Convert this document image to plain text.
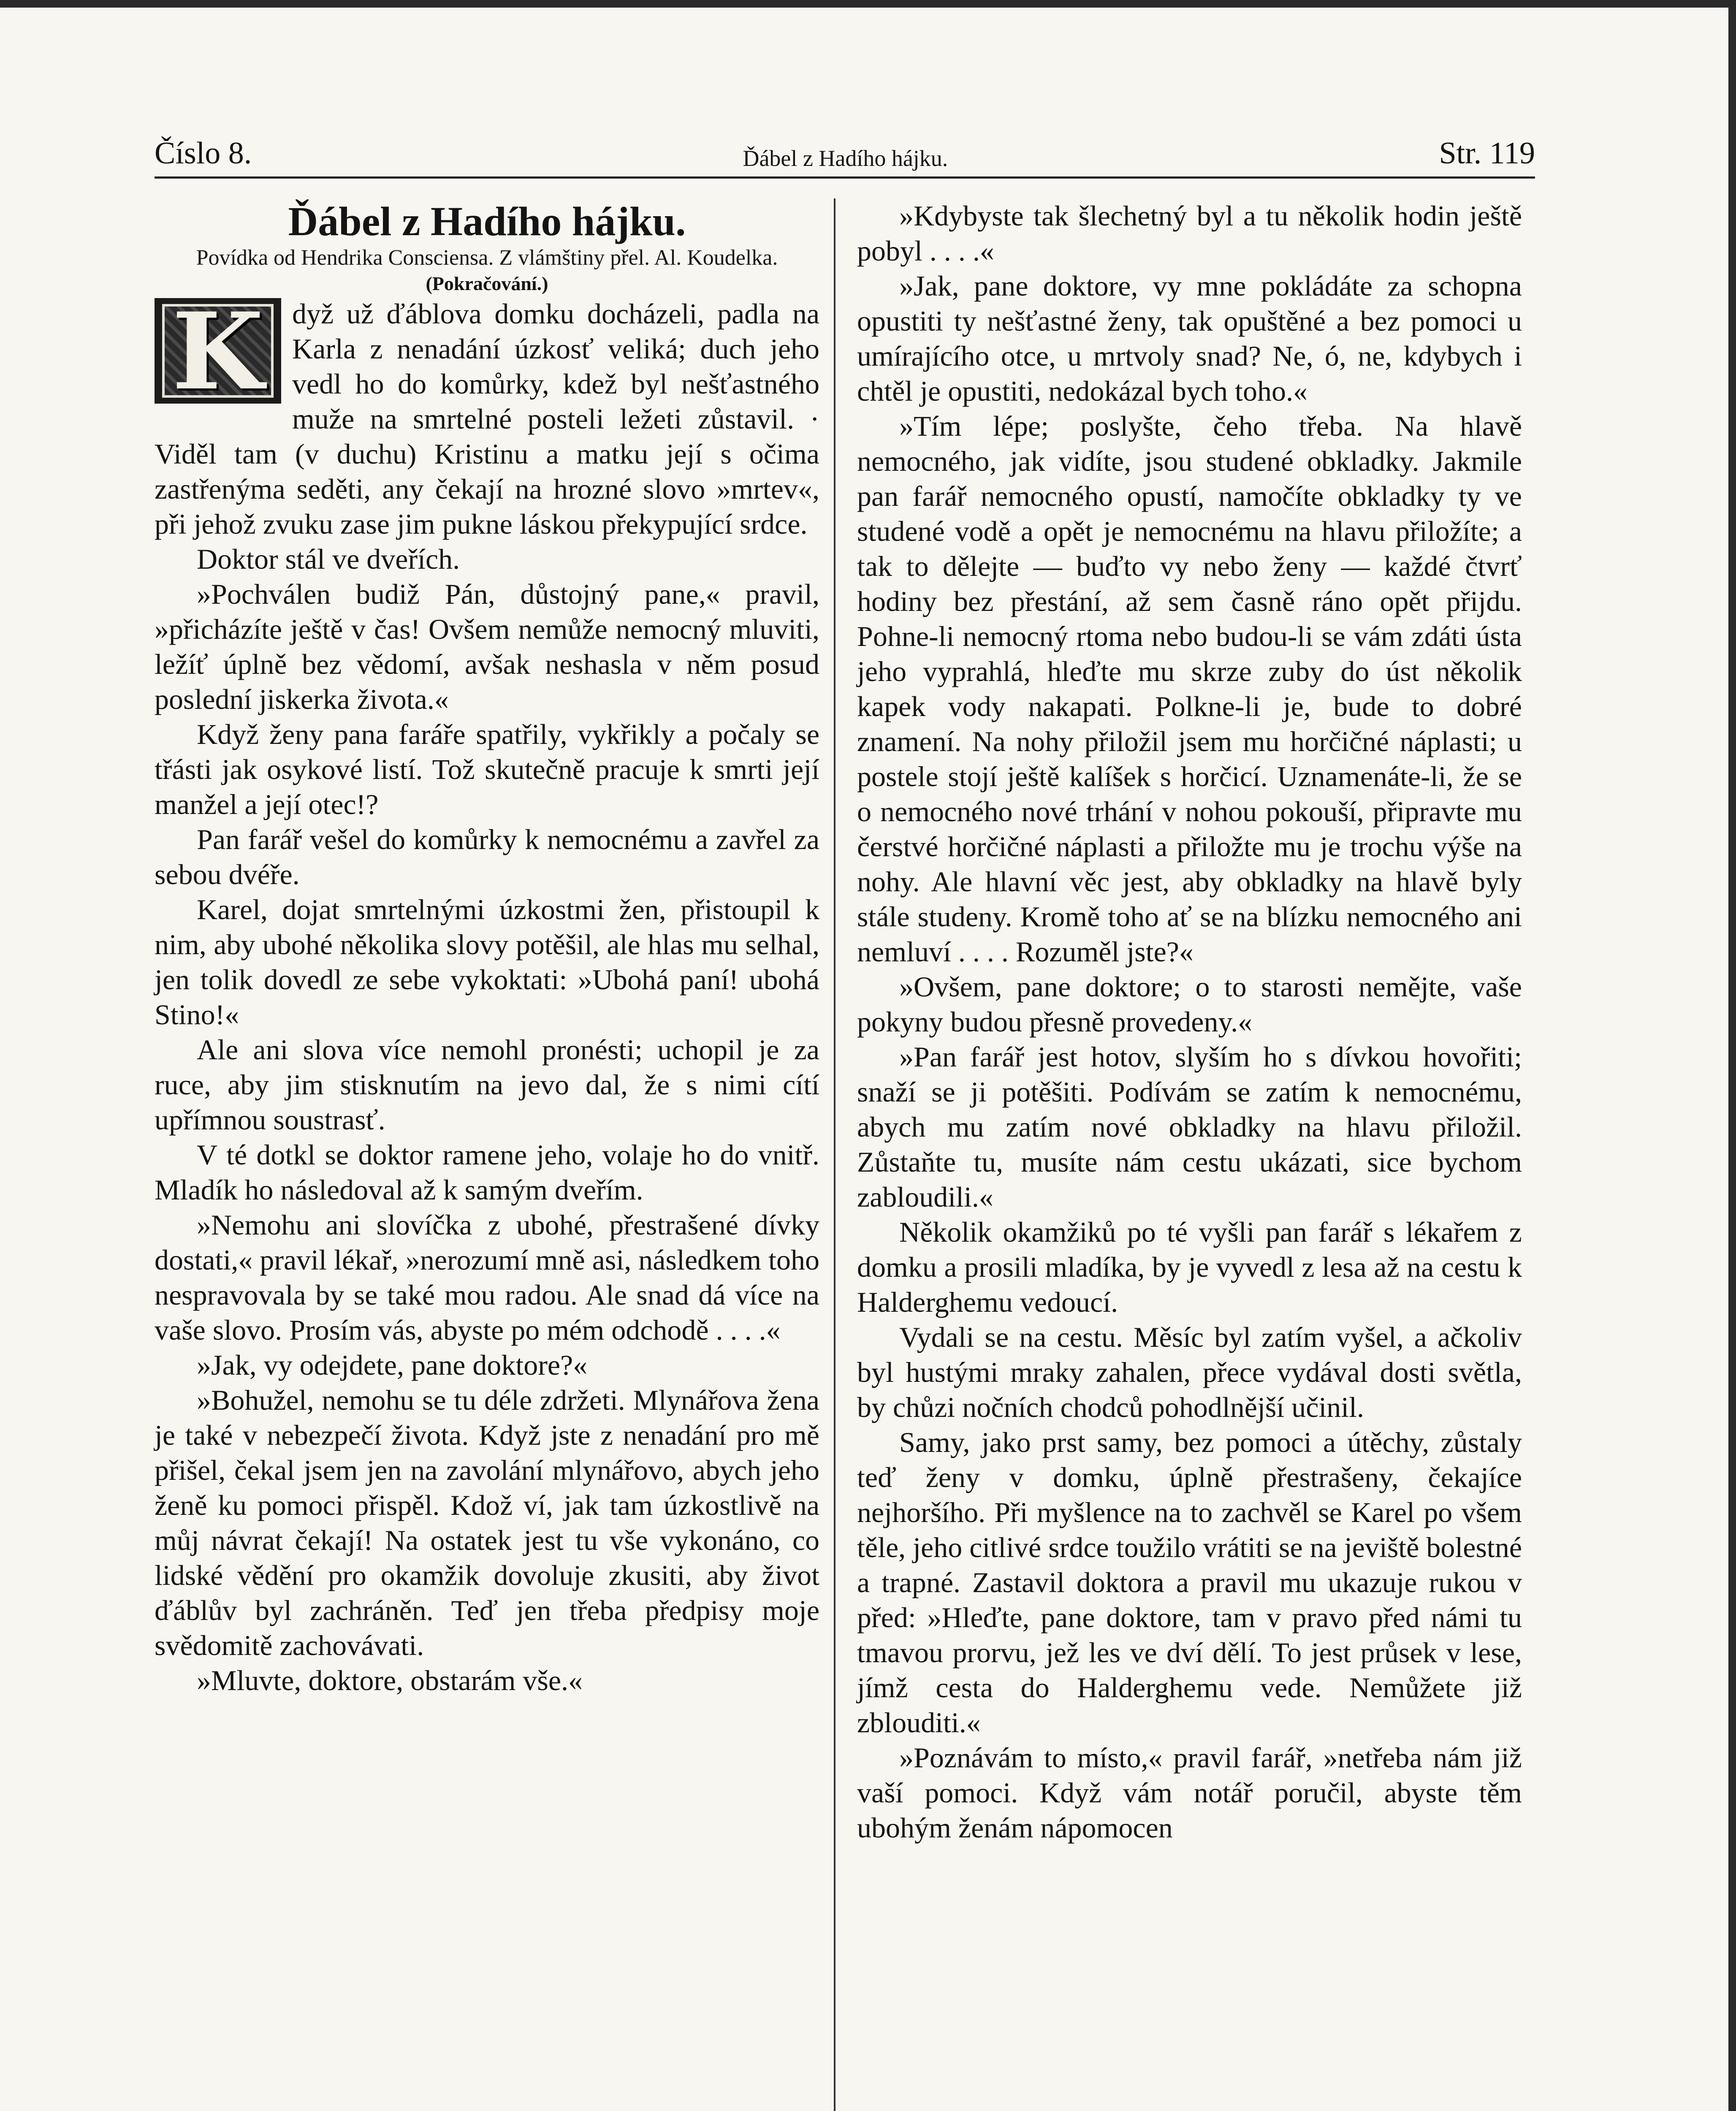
Číslo 8.	Ďábel z Hadího hájku.	Str. 119

Ďábel z Hadího hájku.

Povídka od Hendrika Consciensa. Z vlámštiny přel. Al. Koudelka.

(Pokračování.)

K dyž už ďáblova domku docházeli, padla na Karla z nenadání úzkosť veliká; duch jeho vedl ho do komůrky, kdež byl nešťastného muže na smrtelné posteli ležeti zůstavil. · Viděl tam (v duchu) Kristinu a matku její s očima zastřenýma seděti, any čekají na hrozné slovo »mrtev«, při jehož zvuku zase jim pukne láskou překypující srdce.

Doktor stál ve dveřích.

»Pochválen budiž Pán, důstojný pane,« pravil, »přicházíte ještě v čas! Ovšem nemůže nemocný mluviti, ležíť úplně bez vědomí, avšak neshasla v něm posud poslední jiskerka života.«

Když ženy pana faráře spatřily, vykřikly a počaly se třásti jak osykové listí. Tož skutečně pracuje k smrti její manžel a její otec!?

Pan farář vešel do komůrky k nemocnému a zavřel za sebou dvéře.

Karel, dojat smrtelnými úzkostmi žen, přistoupil k nim, aby ubohé několika slovy potěšil, ale hlas mu selhal, jen tolik dovedl ze sebe vykoktati: »Ubohá paní! ubohá Stino!«

Ale ani slova více nemohl pronésti; uchopil je za ruce, aby jim stisknutím na jevo dal, že s nimi cítí upřímnou soustrasť.

V té dotkl se doktor ramene jeho, volaje ho do vnitř. Mladík ho následoval až k samým dveřím.

»Nemohu ani slovíčka z ubohé, přestrašené dívky dostati,« pravil lékař, »nerozumí mně asi, následkem toho nespravovala by se také mou radou. Ale snad dá více na vaše slovo. Prosím vás, abyste po mém odchodě . . . .«

»Jak, vy odejdete, pane doktore?«

»Bohužel, nemohu se tu déle zdržeti. Mlynářova žena je také v nebezpečí života. Když jste z nenadání pro mě přišel, čekal jsem jen na zavolání mlynářovo, abych jeho ženě ku pomoci přispěl. Kdož ví, jak tam úzkostlivě na můj návrat čekají! Na ostatek jest tu vše vykonáno, co lidské vědění pro okamžik dovoluje zkusiti, aby život ďáblův byl zachráněn. Teď jen třeba předpisy moje svědomitě zachovávati.

»Mluvte, doktore, obstarám vše.«

»Kdybyste tak šlechetný byl a tu několik hodin ještě pobyl . . . .«

»Jak, pane doktore, vy mne pokládáte za schopna opustiti ty nešťastné ženy, tak opuštěné a bez pomoci u umírajícího otce, u mrtvoly snad? Ne, ó, ne, kdybych i chtěl je opustiti, nedokázal bych toho.«

»Tím lépe; poslyšte, čeho třeba. Na hlavě nemocného, jak vidíte, jsou studené obkladky. Jakmile pan farář nemocného opustí, namočíte obkladky ty ve studené vodě a opět je nemocnému na hlavu přiložíte; a tak to dělejte — buďto vy nebo ženy — každé čtvrť hodiny bez přestání, až sem časně ráno opět přijdu. Pohne-li nemocný rtoma nebo budou-li se vám zdáti ústa jeho vyprahlá, hleďte mu skrze zuby do úst několik kapek vody nakapati. Polkne-li je, bude to dobré znamení. Na nohy přiložil jsem mu horčičné náplasti; u postele stojí ještě kalíšek s horčicí. Uznamenáte-li, že se o nemocného nové trhání v nohou pokouší, připravte mu čerstvé horčičné náplasti a přiložte mu je trochu výše na nohy. Ale hlavní věc jest, aby obkladky na hlavě byly stále studeny. Kromě toho ať se na blízku nemocného ani nemluví . . . . Rozuměl jste?«

»Ovšem, pane doktore; o to starosti nemějte, vaše pokyny budou přesně provedeny.«

»Pan farář jest hotov, slyším ho s dívkou hovořiti; snaží se ji potěšiti. Podívám se zatím k nemocnému, abych mu zatím nové obkladky na hlavu přiložil. Zůstaňte tu, musíte nám cestu ukázati, sice bychom zabloudili.«

Několik okamžiků po té vyšli pan farář s lékařem z domku a prosili mladíka, by je vyvedl z lesa až na cestu k Halderghemu vedoucí.

Vydali se na cestu. Měsíc byl zatím vyšel, a ačkoliv byl hustými mraky zahalen, přece vydával dosti světla, by chůzi nočních chodců pohodlnější učinil.

Samy, jako prst samy, bez pomoci a útěchy, zůstaly teď ženy v domku, úplně přestrašeny, čekajíce nejhoršího. Při myšlence na to zachvěl se Karel po všem těle, jeho citlivé srdce toužilo vrátiti se na jeviště bolestné a trapné. Zastavil doktora a pravil mu ukazuje rukou v před: »Hleďte, pane doktore, tam v pravo před námi tu tmavou prorvu, jež les ve dví dělí. To jest průsek v lese, jímž cesta do Halderghemu vede. Nemůžete již zblouditi.«

»Poznávám to místo,« pravil farář, »netřeba nám již vaší pomoci. Když vám notář poručil, abyste těm ubohým ženám nápomocen
